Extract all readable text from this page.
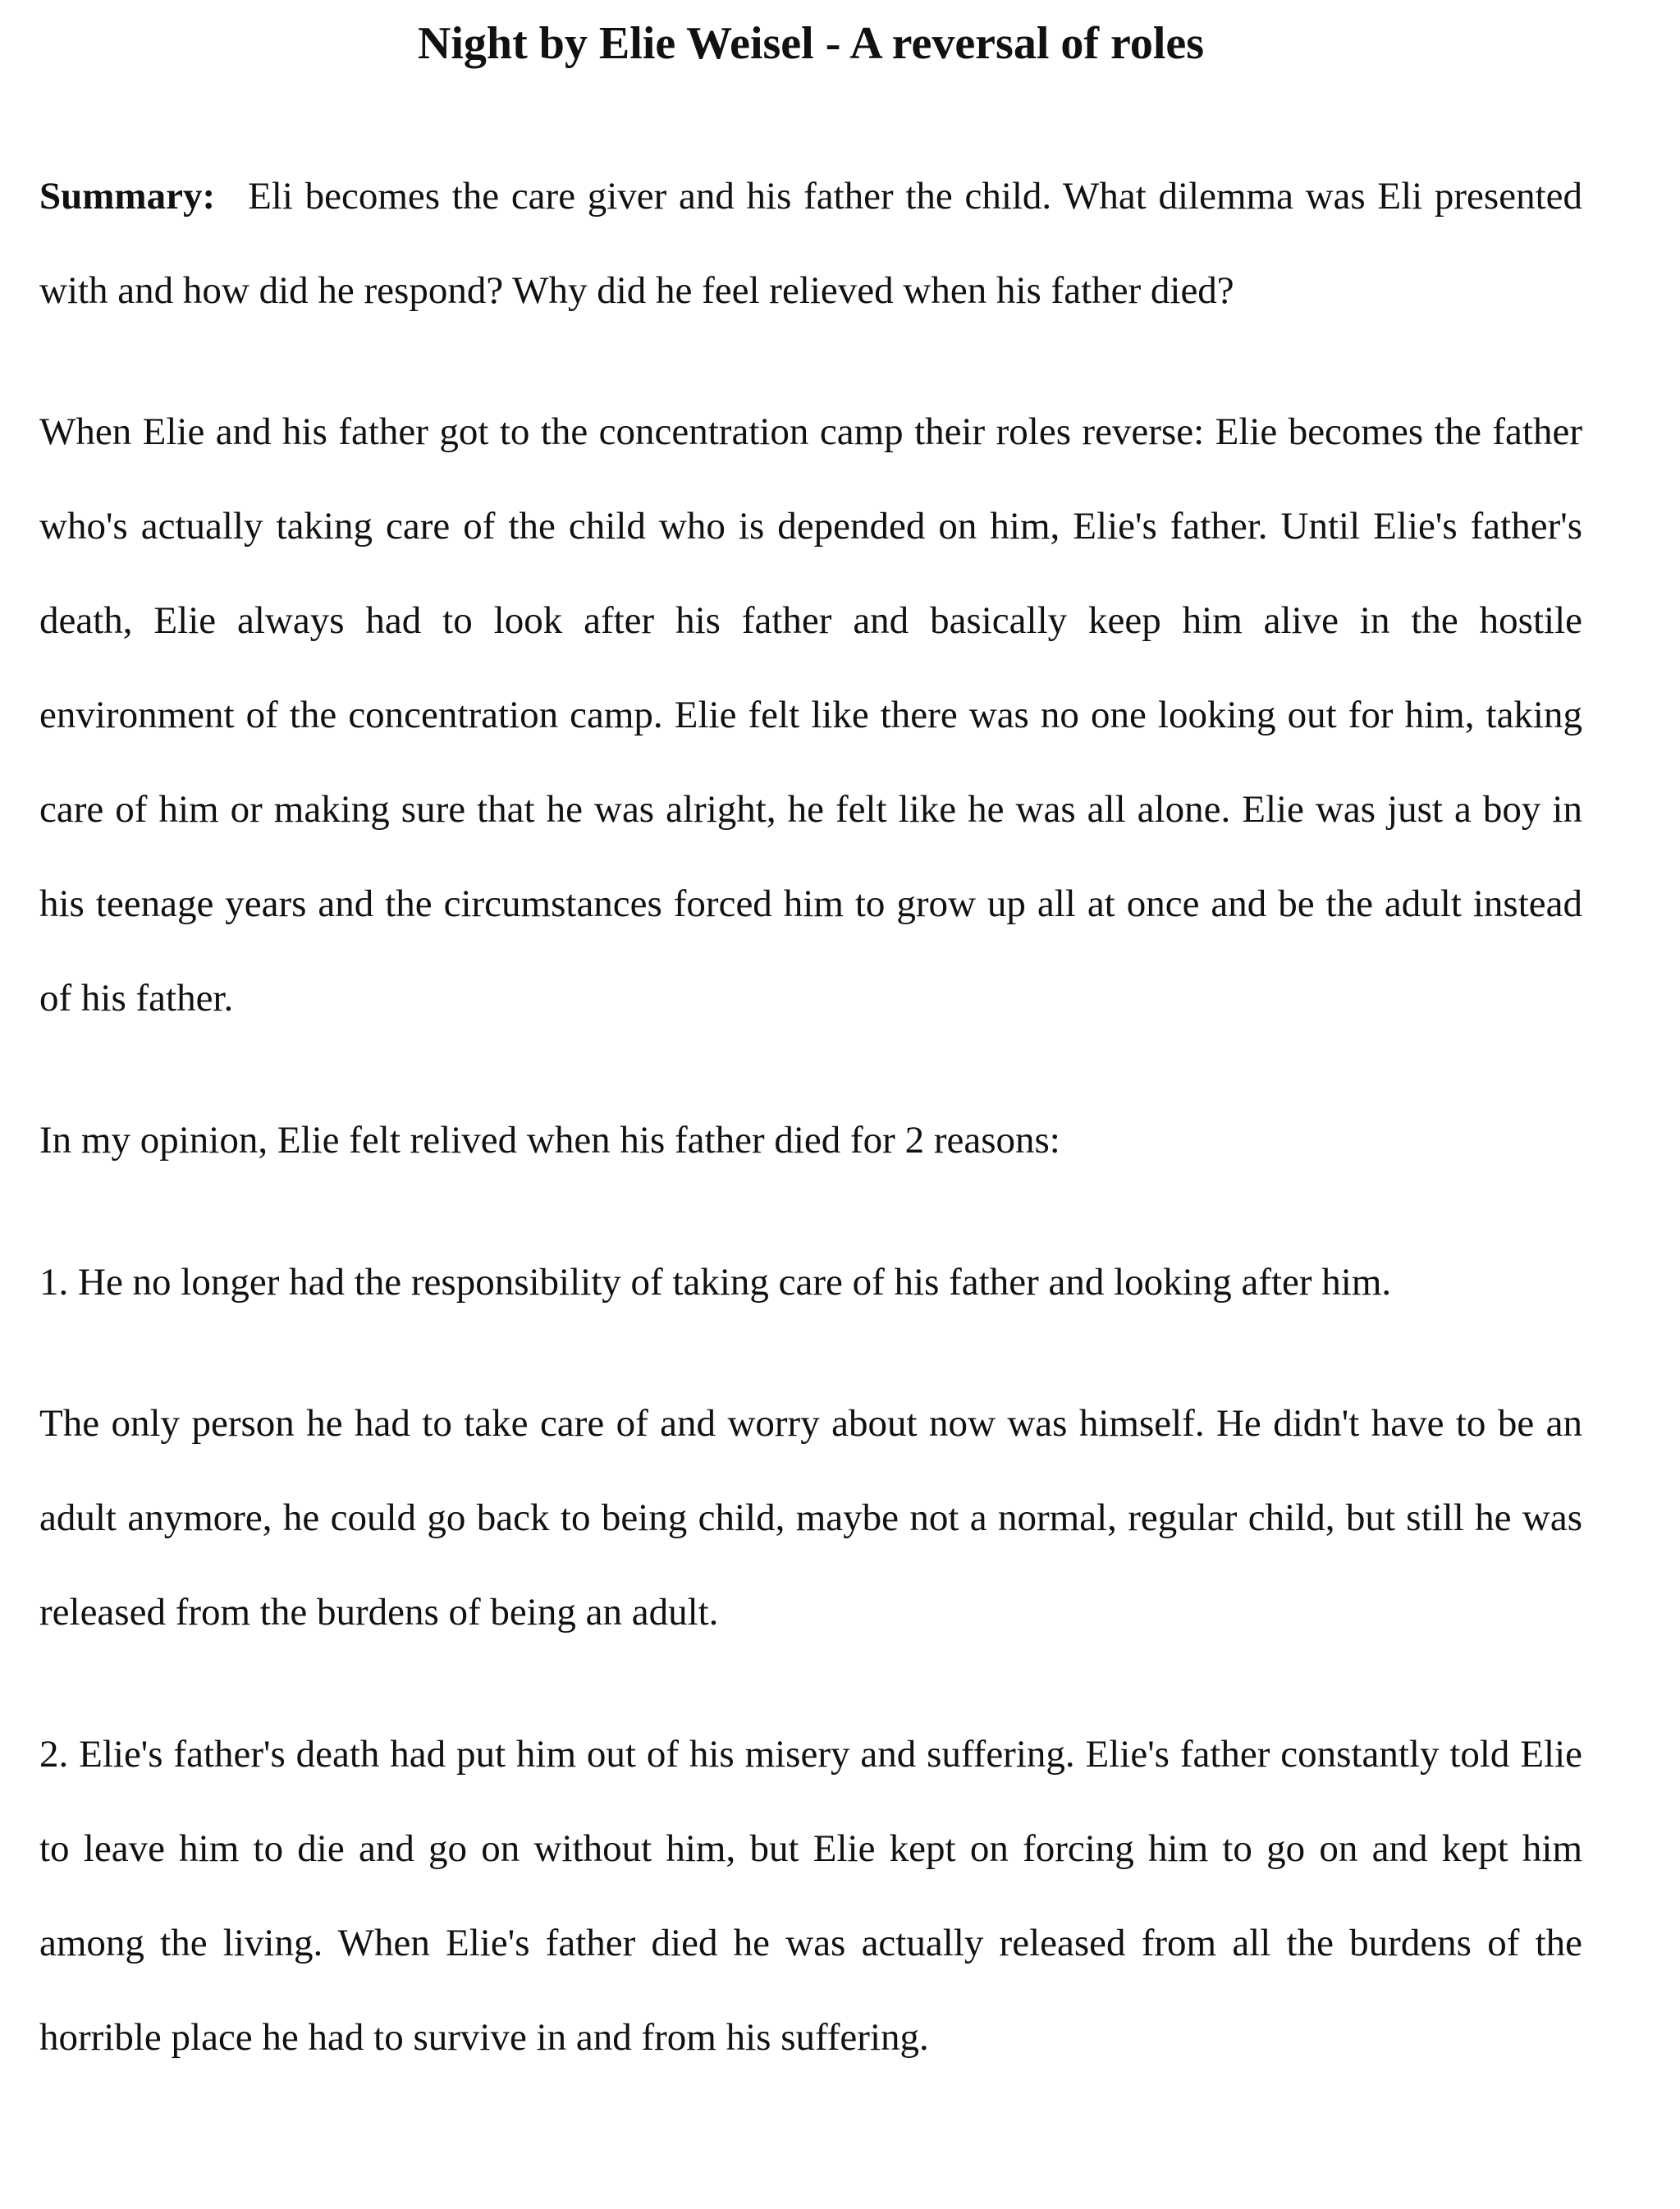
Night by Elie Weisel - A reversal of roles

Summary: Eli becomes the care giver and his father the child. What dilemma was Eli presented with and how did he respond? Why did he feel relieved when his father died?

When Elie and his father got to the concentration camp their roles reverse: Elie becomes the father who's actually taking care of the child who is depended on him, Elie's father. Until Elie's father's death, Elie always had to look after his father and basically keep him alive in the hostile environment of the concentration camp. Elie felt like there was no one looking out for him, taking care of him or making sure that he was alright, he felt like he was all alone. Elie was just a boy in his teenage years and the circumstances forced him to grow up all at once and be the adult instead of his father.

In my opinion, Elie felt relived when his father died for 2 reasons:

1. He no longer had the responsibility of taking care of his father and looking after him.

The only person he had to take care of and worry about now was himself. He didn't have to be an adult anymore, he could go back to being child, maybe not a normal, regular child, but still he was released from the burdens of being an adult.

2. Elie's father's death had put him out of his misery and suffering. Elie's father constantly told Elie to leave him to die and go on without him, but Elie kept on forcing him to go on and kept him among the living. When Elie's father died he was actually released from all the burdens of the horrible place he had to survive in and from his suffering.
